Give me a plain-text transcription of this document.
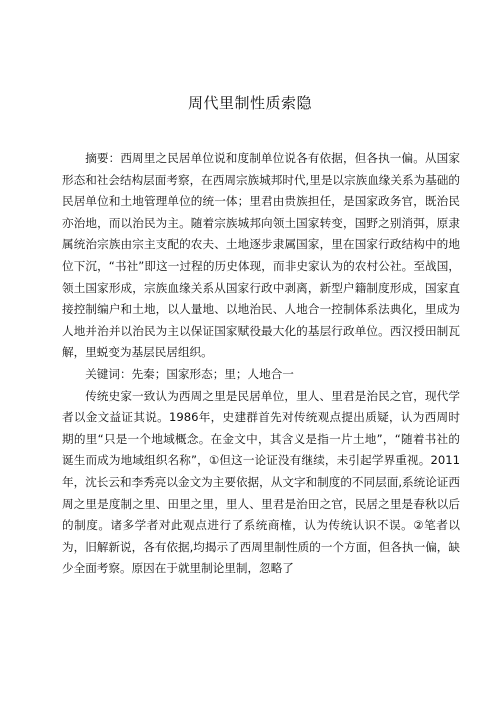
周代里制性质索隐

摘要：西周里之民居单位说和度制单位说各有依据，但各执一偏。从国家形态和社会结构层面考察，在西周宗族城邦时代,里是以宗族血缘关系为基础的民居单位和土地管理单位的统一体；里君由贵族担任，是国家政务官，既治民亦治地，而以治民为主。随着宗族城邦向领土国家转变，国野之别消弭，原隶属统治宗族由宗主支配的农夫、土地逐步隶属国家，里在国家行政结构中的地位下沉，“书社”即这一过程的历史体现，而非史家认为的农村公社。至战国，领土国家形成，宗族血缘关系从国家行政中剥离，新型户籍制度形成，国家直接控制编户和土地，以人量地、以地治民、人地合一控制体系法典化，里成为人地并治并以治民为主以保证国家赋役最大化的基层行政单位。西汉授田制瓦解，里蜕变为基层民居组织。

关键词：先秦；国家形态；里；人地合一

传统史家一致认为西周之里是民居单位，里人、里君是治民之官，现代学者以金文益证其说。1986年，史建群首先对传统观点提出质疑，认为西周时期的里“只是一个地域概念。在金文中，其含义是指一片土地”，“随着书社的诞生而成为地域组织名称”，①但这一论证没有继续，未引起学界重视。2011年，沈长云和李秀亮以金文为主要依据，从文字和制度的不同层面,系统论证西周之里是度制之里、田里之里，里人、里君是治田之官，民居之里是春秋以后的制度。诸多学者对此观点进行了系统商榷，认为传统认识不误。②笔者以为，旧解新说，各有依据,均揭示了西周里制性质的一个方面，但各执一偏，缺少全面考察。原因在于就里制论里制，忽略了
